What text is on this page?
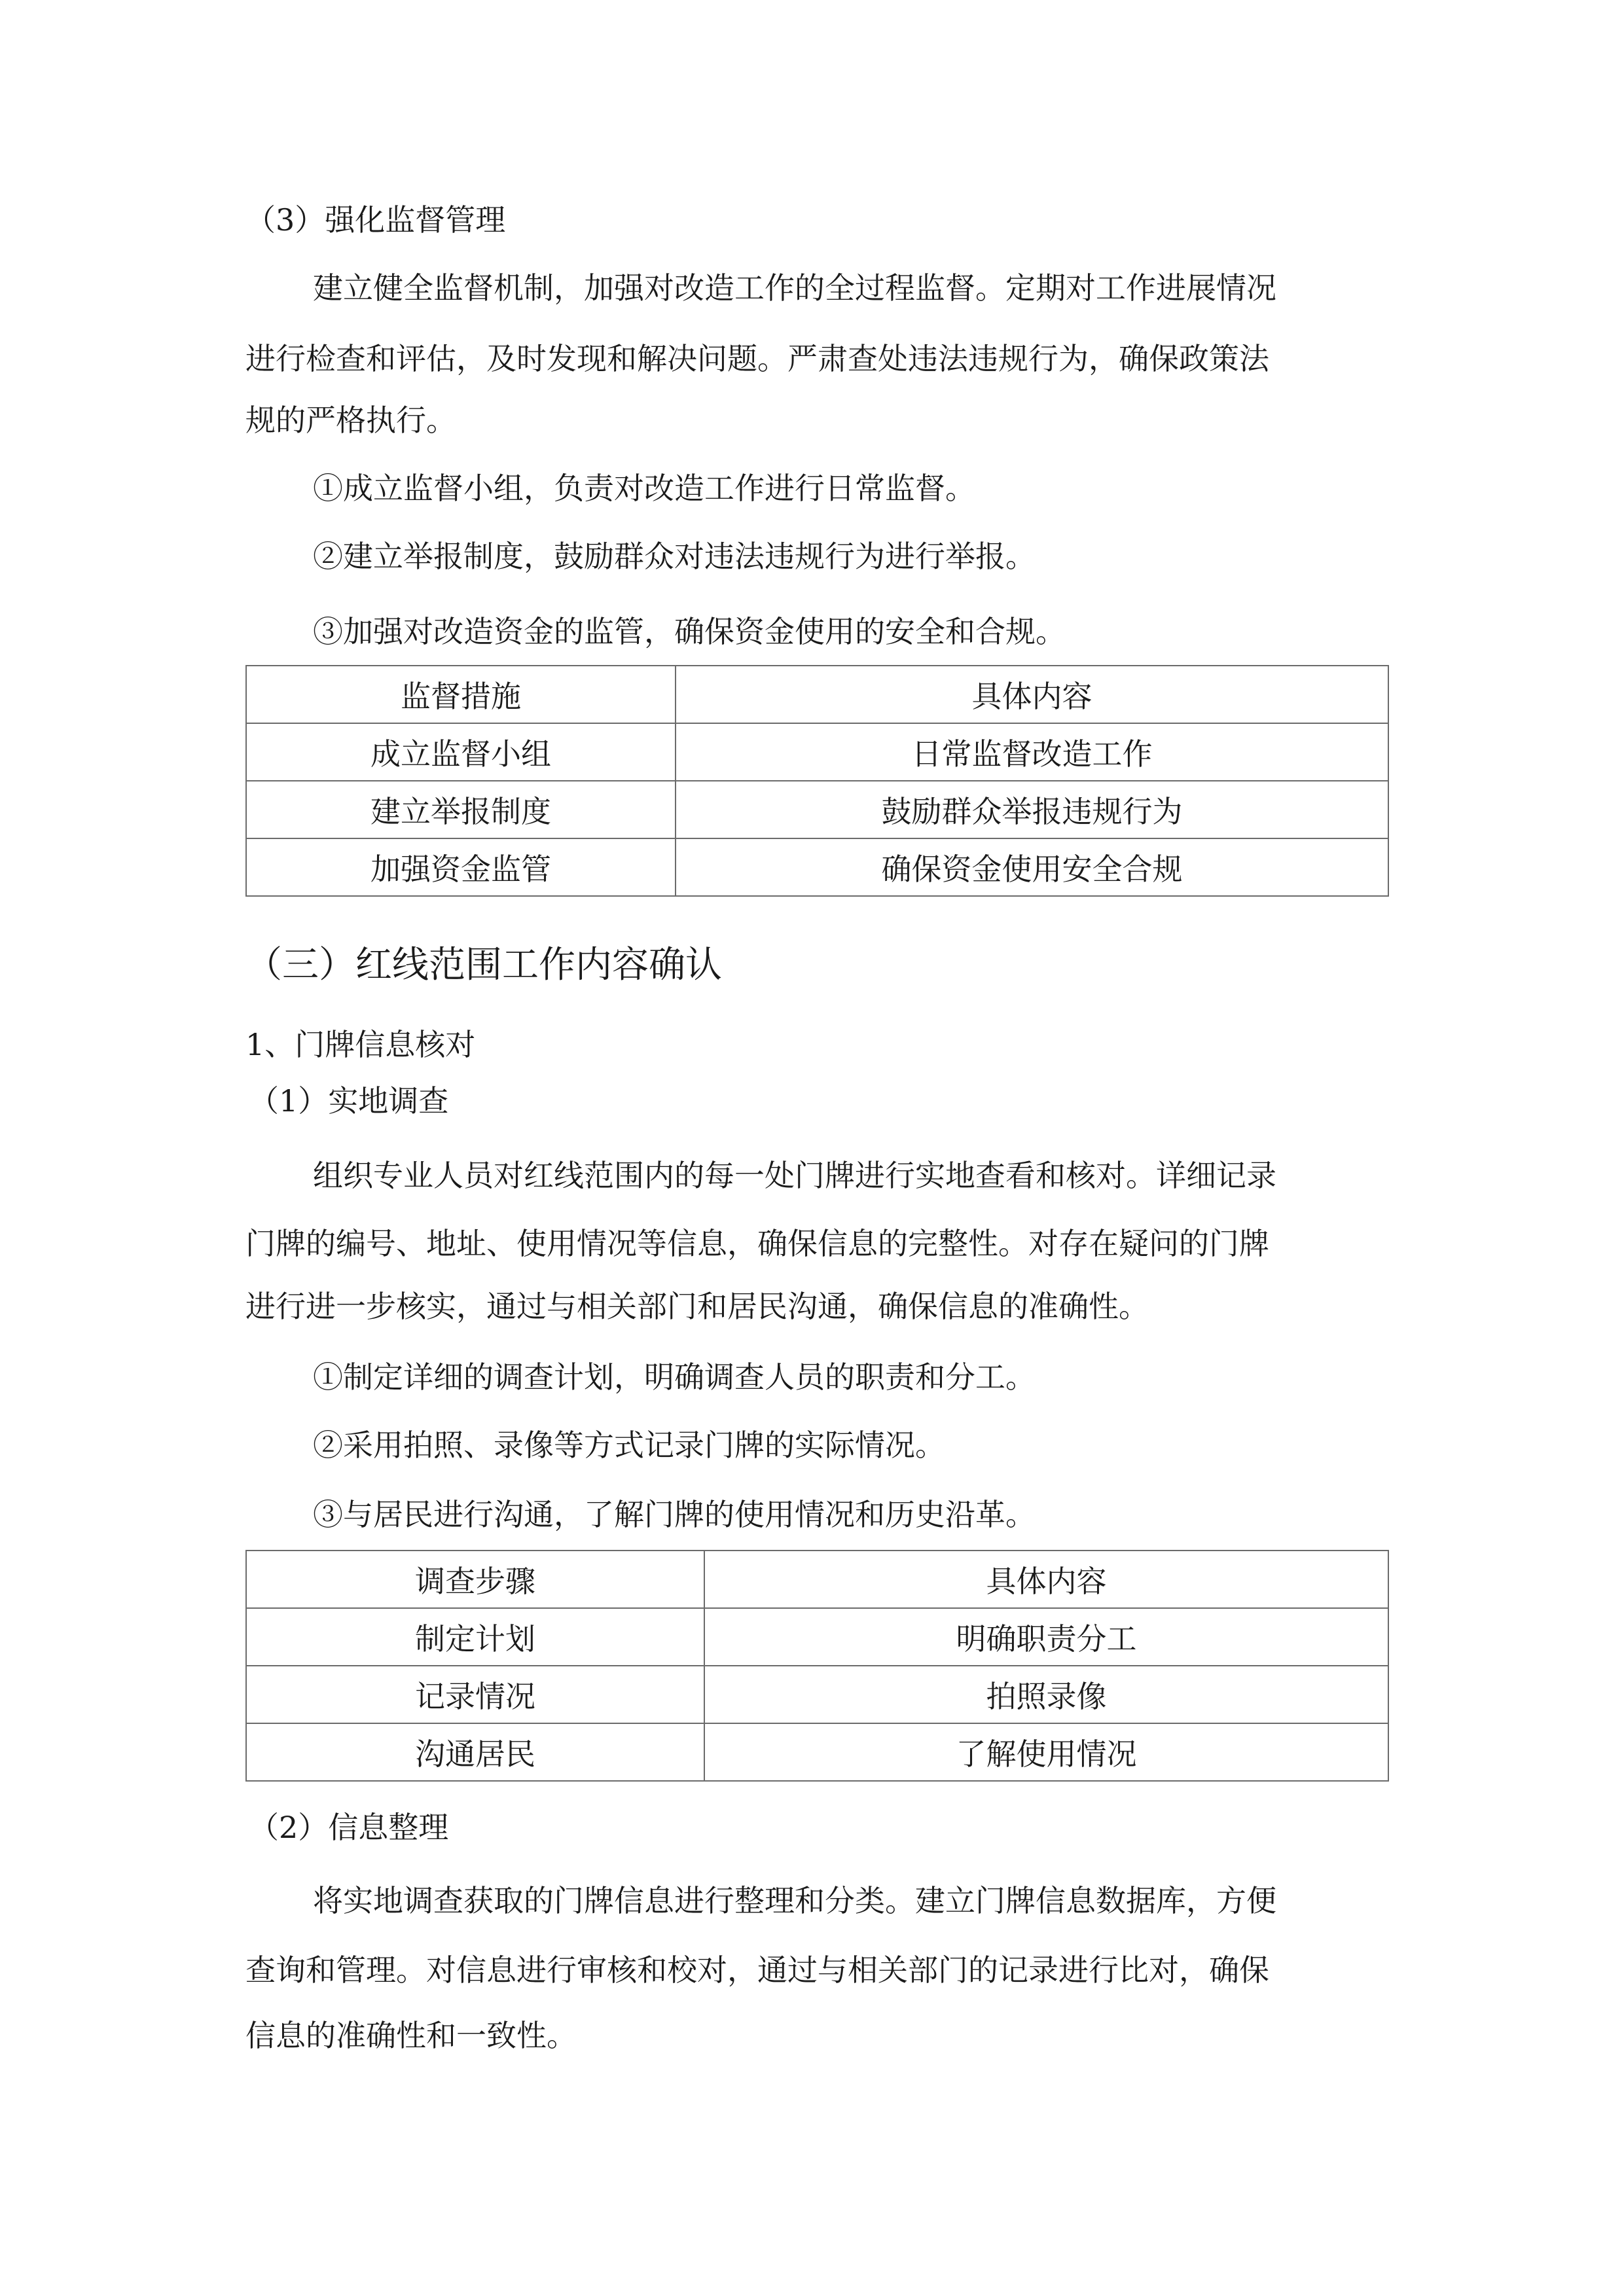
（3）强化监督管理
建立健全监督机制，加强对改造工作的全过程监督。定期对工作进展情况
进行检查和评估，及时发现和解决问题。严肃查处违法违规行为，确保政策法
规的严格执行。
①成立监督小组，负责对改造工作进行日常监督。
②建立举报制度，鼓励群众对违法违规行为进行举报。
③加强对改造资金的监管，确保资金使用的安全和合规。
监督措施	具体内容
成立监督小组	日常监督改造工作
建立举报制度	鼓励群众举报违规行为
加强资金监管	确保资金使用安全合规
（三）红线范围工作内容确认
1、门牌信息核对
（1）实地调查
组织专业人员对红线范围内的每一处门牌进行实地查看和核对。详细记录
门牌的编号、地址、使用情况等信息，确保信息的完整性。对存在疑问的门牌
进行进一步核实，通过与相关部门和居民沟通，确保信息的准确性。
①制定详细的调查计划，明确调查人员的职责和分工。
②采用拍照、录像等方式记录门牌的实际情况。
③与居民进行沟通，了解门牌的使用情况和历史沿革。
调查步骤	具体内容
制定计划	明确职责分工
记录情况	拍照录像
沟通居民	了解使用情况
（2）信息整理
将实地调查获取的门牌信息进行整理和分类。建立门牌信息数据库，方便
查询和管理。对信息进行审核和校对，通过与相关部门的记录进行比对，确保
信息的准确性和一致性。
